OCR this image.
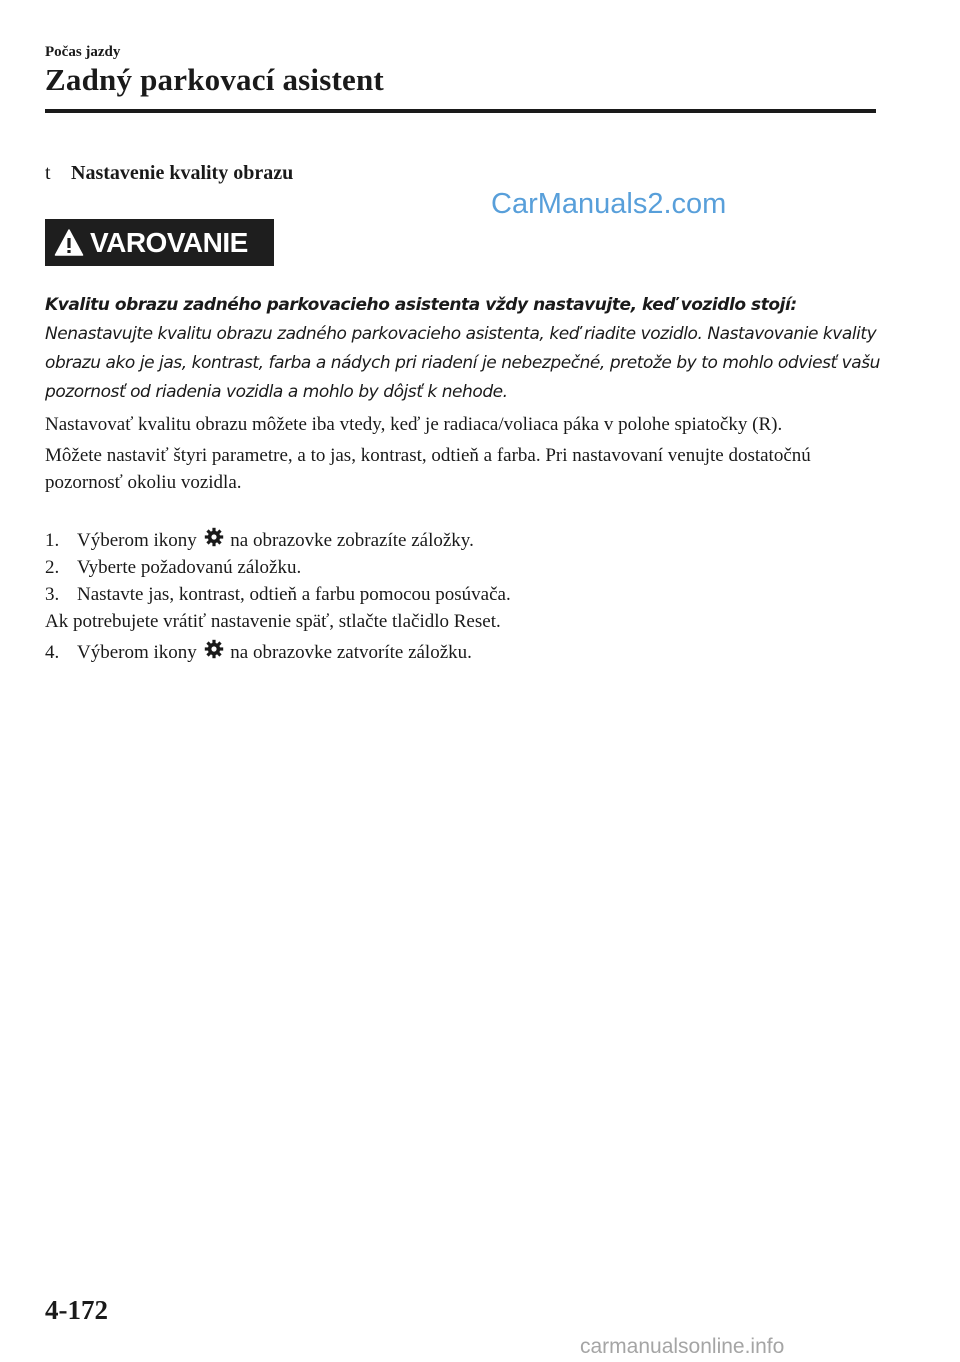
Počas jazdy
Zadný parkovací asistent
t Nastavenie kvality obrazu
CarManuals2.com
VAROVANIE
Kvalitu obrazu zadného parkovacieho asistenta vždy nastavujte, keď vozidlo stojí:
Nenastavujte kvalitu obrazu zadného parkovacieho asistenta, keď riadite vozidlo. Nastavovanie kvality obrazu ako je jas, kontrast, farba a nádych pri riadení je nebezpečné, pretože by to mohlo odviesť vašu pozornosť od riadenia vozidla a mohlo by dôjsť k nehode.

Nastavovať kvalitu obrazu môžete iba vtedy, keď je radiaca/voliaca páka v polohe spiatočky (R).

Môžete nastaviť štyri parametre, a to jas, kontrast, odtieň a farba. Pri nastavovaní venujte dostatočnú pozornosť okoliu vozidla.

1. Výberom ikony na obrazovke zobrazíte záložky.
2. Vyberte požadovanú záložku.
3. Nastavte jas, kontrast, odtieň a farbu pomocou posúvača.
Ak potrebujete vrátiť nastavenie späť, stlačte tlačidlo Reset.
4. Výberom ikony na obrazovke zatvoríte záložku.
4-172
carmanualsonline.info
